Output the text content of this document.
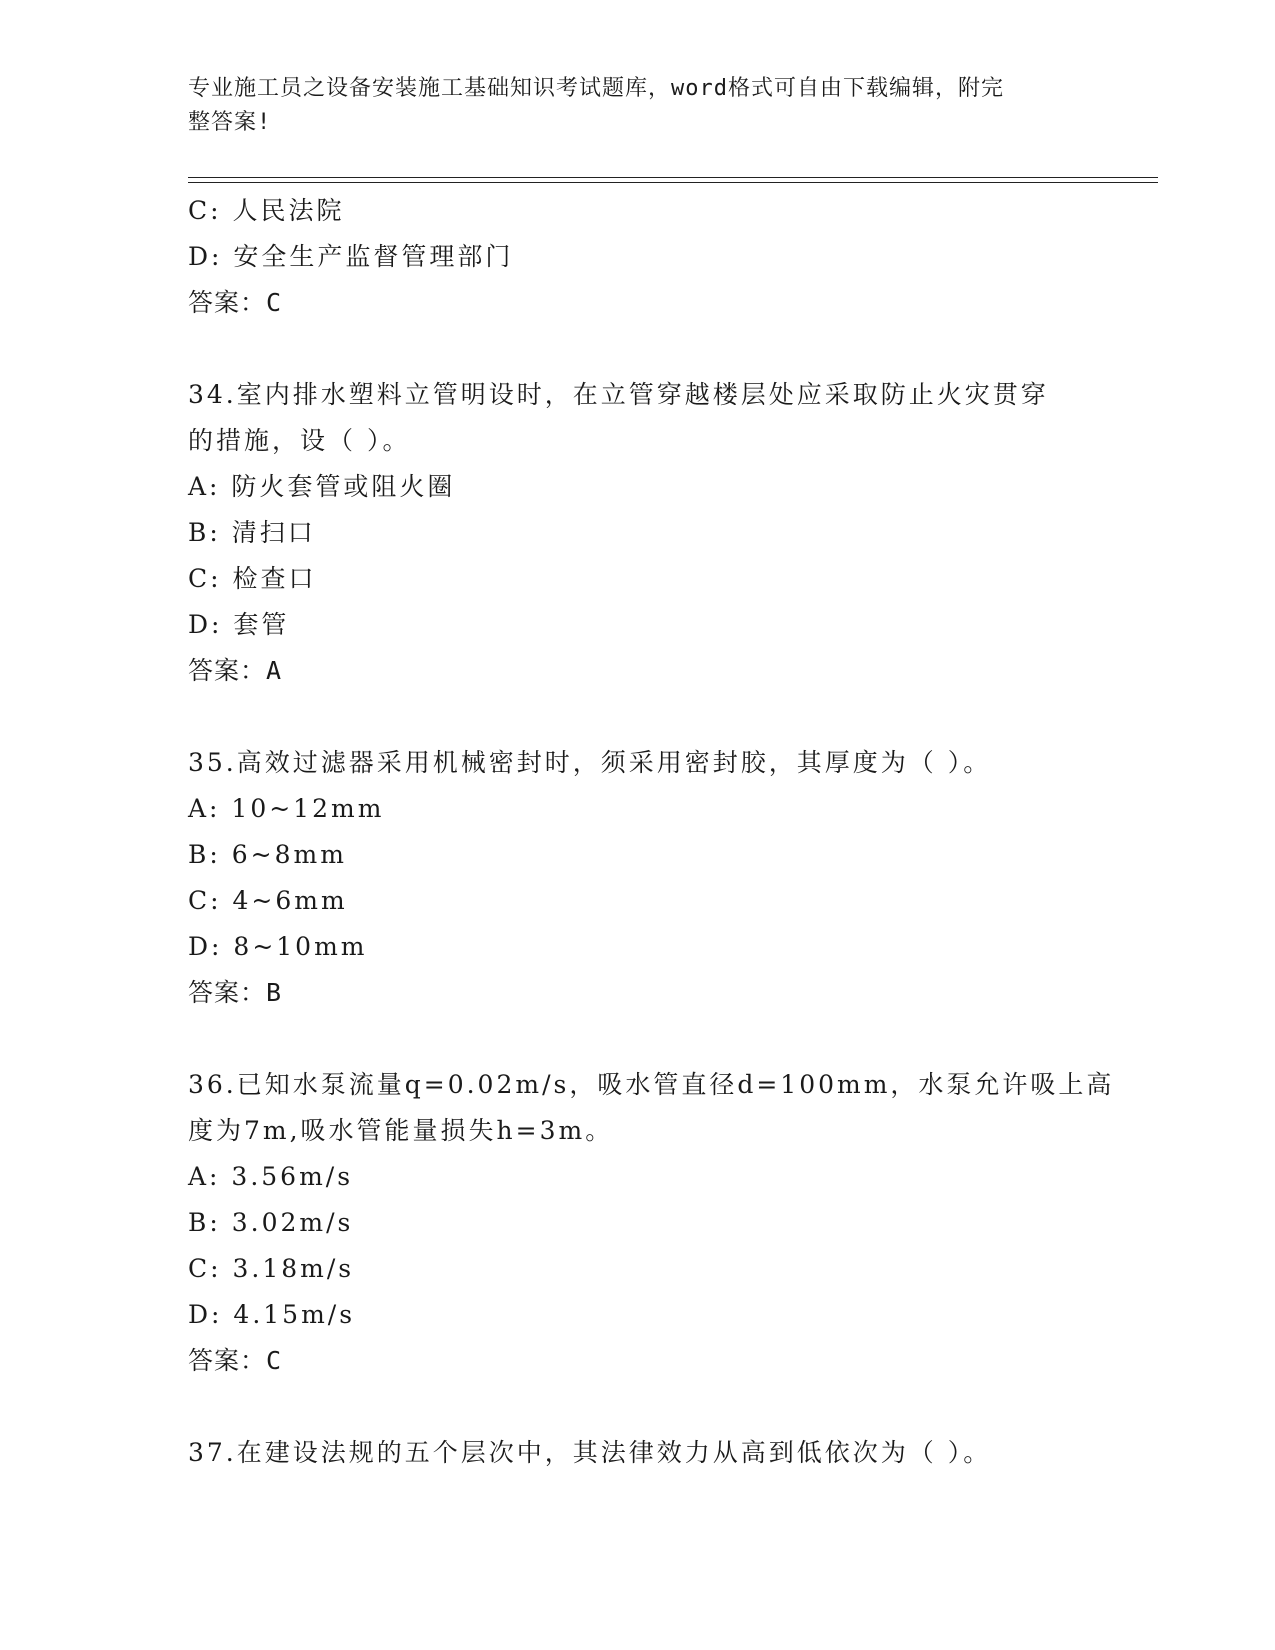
专业施工员之设备安装施工基础知识考试题库，word格式可自由下载编辑，附完
整答案!
C: 人民法院
D: 安全生产监督管理部门
答案：C
34.室内排水塑料立管明设时，在立管穿越楼层处应采取防止火灾贯穿
的措施，设（ ）。
A: 防火套管或阻火圈
B: 清扫口
C: 检查口
D: 套管
答案：A
35.高效过滤器采用机械密封时，须采用密封胶，其厚度为（ ）。
A: 10~12mm
B: 6~8mm
C: 4~6mm
D: 8~10mm
答案：B
36.已知水泵流量q=0.02m/s，吸水管直径d=100mm，水泵允许吸上高
度为7m,吸水管能量损失h=3m。
A: 3.56m/s
B: 3.02m/s
C: 3.18m/s
D: 4.15m/s
答案：C
37.在建设法规的五个层次中，其法律效力从高到低依次为（ ）。
